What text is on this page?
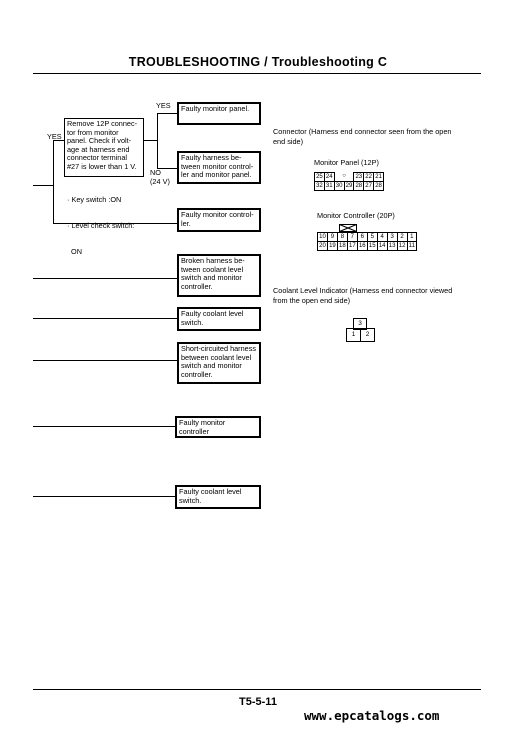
TROUBLESHOOTING / Troubleshooting C
YES
YES
NO
(24 V)
Remove 12P connec-
tor from monitor
panel. Check if volt-
age at harness end
connector terminal
#27 is lower than 1 V.

· Key switch :ON

· Level check switch:

ON

Faulty monitor panel.
Faulty harness be-
tween monitor control-
ler and monitor panel.
Faulty monitor control-
ler.
Broken harness be-
tween coolant level
switch and monitor
controller.
Faulty coolant level
switch.
Short-circuited harness
between coolant level
switch and monitor
controller.
Faulty monitor controller
Faulty coolant level
switch.
Connector (Harness end connector seen from the open
end side)
Monitor Panel (12P)
25	24	○		23	22	21
32	31	30	29	28	27	28
Monitor Controller (20P)
10	9	8	7	6	5	4	3	2	1
20	19	18	17	16	15	14	13	12	11
Coolant Level Indicator (Harness end connector viewed
from the open end side)
3
1	2
T5-5-11
www.epcatalogs.com
